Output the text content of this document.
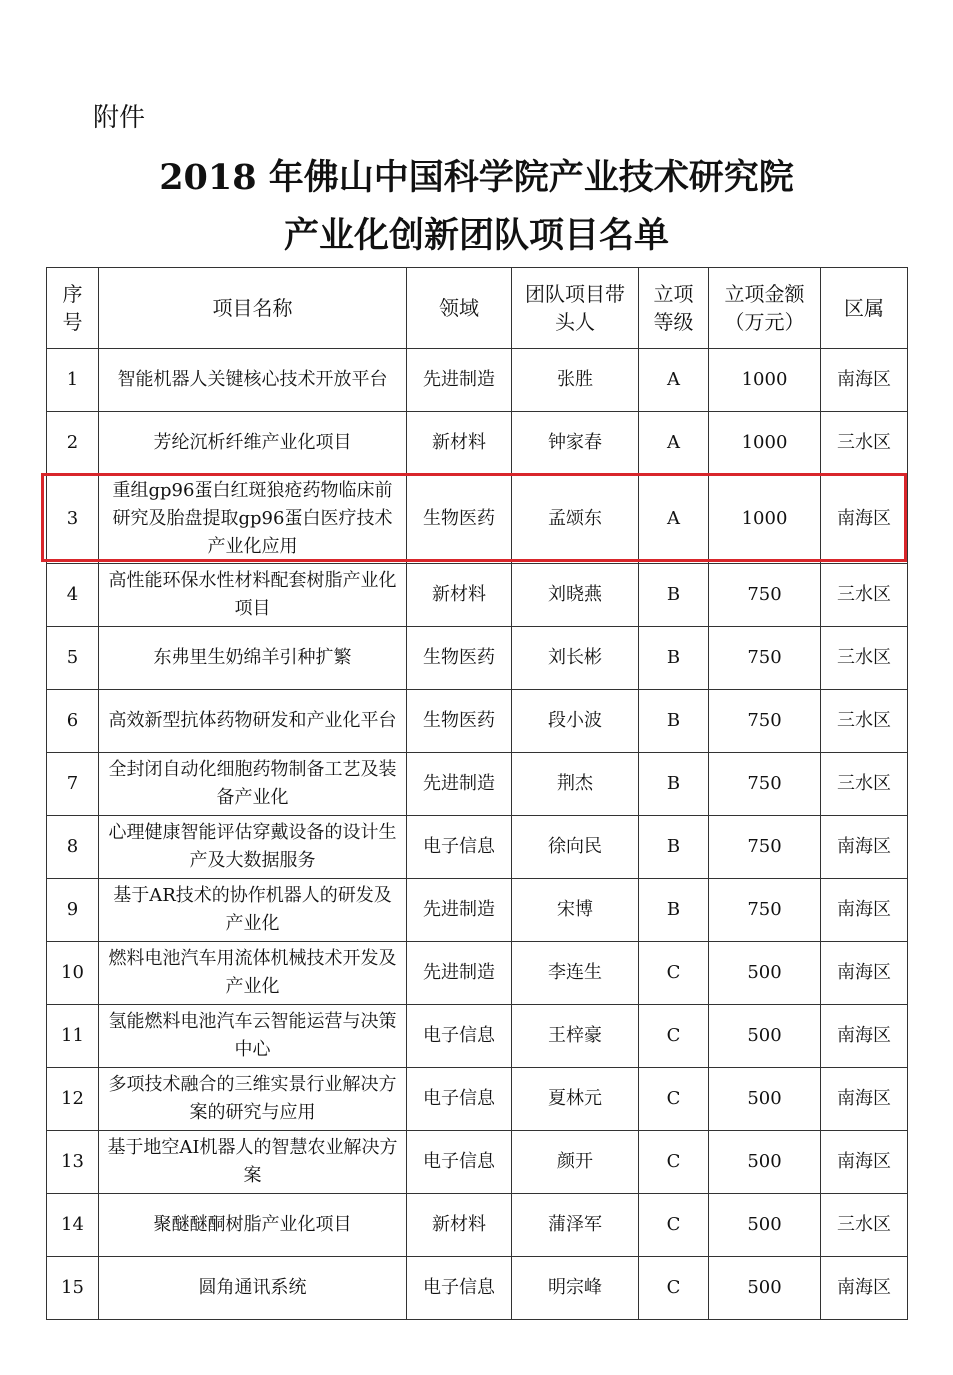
附件
2018 年佛山中国科学院产业技术研究院
产业化创新团队项目名单
序号	项目名称	领域	团队项目带头人	立项等级	立项金额（万元）	区属
1	智能机器人关键核心技术开放平台	先进制造	张胜	A	1000	南海区
2	芳纶沉析纤维产业化项目	新材料	钟家春	A	1000	三水区
3	重组gp96蛋白红斑狼疮药物临床前研究及胎盘提取gp96蛋白医疗技术产业化应用	生物医药	孟颂东	A	1000	南海区
4	高性能环保水性材料配套树脂产业化项目	新材料	刘晓燕	B	750	三水区
5	东弗里生奶绵羊引种扩繁	生物医药	刘长彬	B	750	三水区
6	高效新型抗体药物研发和产业化平台	生物医药	段小波	B	750	三水区
7	全封闭自动化细胞药物制备工艺及装备产业化	先进制造	荆杰	B	750	三水区
8	心理健康智能评估穿戴设备的设计生产及大数据服务	电子信息	徐向民	B	750	南海区
9	基于AR技术的协作机器人的研发及产业化	先进制造	宋博	B	750	南海区
10	燃料电池汽车用流体机械技术开发及产业化	先进制造	李连生	C	500	南海区
11	氢能燃料电池汽车云智能运营与决策中心	电子信息	王梓豪	C	500	南海区
12	多项技术融合的三维实景行业解决方案的研究与应用	电子信息	夏林元	C	500	南海区
13	基于地空AI机器人的智慧农业解决方案	电子信息	颜开	C	500	南海区
14	聚醚醚酮树脂产业化项目	新材料	蒲泽军	C	500	三水区
15	圆角通讯系统	电子信息	明宗峰	C	500	南海区
